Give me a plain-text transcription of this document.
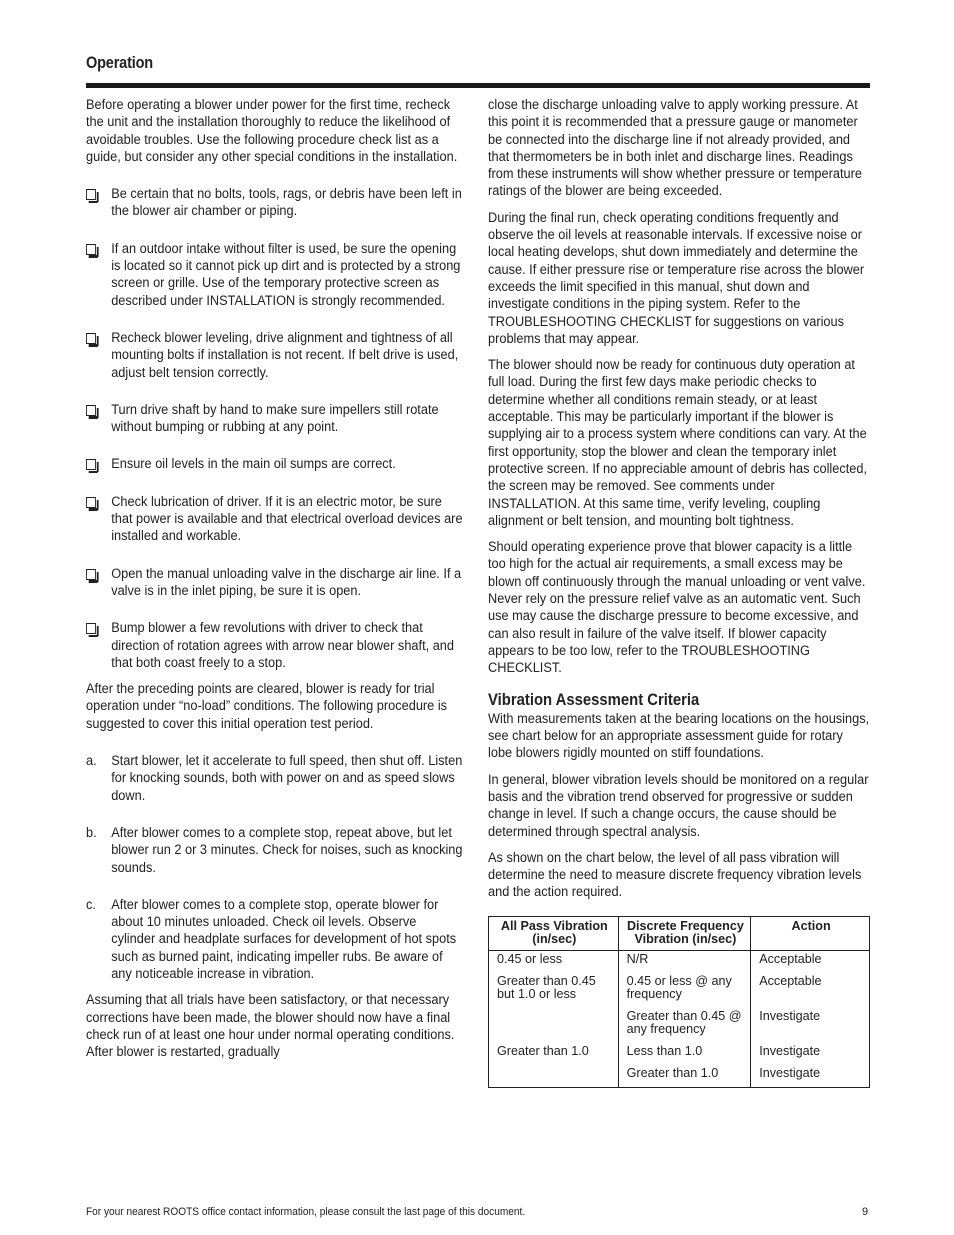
Operation

Before operating a blower under power for the first time, recheck the unit and the installation thoroughly to reduce the likelihood of avoidable troubles. Use the following procedure check list as a guide, but consider any other special conditions in the installation.

Be certain that no bolts, tools, rags, or debris have been left in the blower air chamber or piping.
If an outdoor intake without filter is used, be sure the opening is located so it cannot pick up dirt and is protected by a strong screen or grille. Use of the temporary protective screen as described under INSTALLATION is strongly recommended.
Recheck blower leveling, drive alignment and tightness of all mounting bolts if installation is not recent. If belt drive is used, adjust belt tension correctly.
Turn drive shaft by hand to make sure impellers still rotate without bumping or rubbing at any point.
Ensure oil levels in the main oil sumps are correct.
Check lubrication of driver. If it is an electric motor, be sure that power is available and that electrical overload devices are installed and workable.
Open the manual unloading valve in the discharge air line. If a valve is in the inlet piping, be sure it is open.
Bump blower a few revolutions with driver to check that direction of rotation agrees with arrow near blower shaft, and that both coast freely to a stop.

After the preceding points are cleared, blower is ready for trial operation under “no-load” conditions. The following procedure is suggested to cover this initial operation test period.

a. Start blower, let it accelerate to full speed, then shut off. Listen for knocking sounds, both with power on and as speed slows down.
b. After blower comes to a complete stop, repeat above, but let blower run 2 or 3 minutes. Check for noises, such as knocking sounds.
c. After blower comes to a complete stop, operate blower for about 10 minutes unloaded. Check oil levels. Observe cylinder and headplate surfaces for development of hot spots such as burned paint, indicating impeller rubs. Be aware of any noticeable increase in vibration.

Assuming that all trials have been satisfactory, or that necessary corrections have been made, the blower should now have a final check run of at least one hour under normal operating conditions. After blower is restarted, gradually

close the discharge unloading valve to apply working pressure. At this point it is recommended that a pressure gauge or manometer be connected into the discharge line if not already provided, and that thermometers be in both inlet and discharge lines. Readings from these instruments will show whether pressure or temperature ratings of the blower are being exceeded.

During the final run, check operating conditions frequently and observe the oil levels at reasonable intervals. If excessive noise or local heating develops, shut down immediately and determine the cause. If either pressure rise or temperature rise across the blower exceeds the limit specified in this manual, shut down and investigate conditions in the piping system. Refer to the TROUBLESHOOTING CHECKLIST for suggestions on various problems that may appear.

The blower should now be ready for continuous duty operation at full load. During the first few days make periodic checks to determine whether all conditions remain steady, or at least acceptable. This may be particularly important if the blower is supplying air to a process system where conditions can vary. At the first opportunity, stop the blower and clean the temporary inlet protective screen. If no appreciable amount of debris has collected, the screen may be removed. See comments under INSTALLATION. At this same time, verify leveling, coupling alignment or belt tension, and mounting bolt tightness.

Should operating experience prove that blower capacity is a little too high for the actual air requirements, a small excess may be blown off continuously through the manual unloading or vent valve. Never rely on the pressure relief valve as an automatic vent. Such use may cause the discharge pressure to become excessive, and can also result in failure of the valve itself. If blower capacity appears to be too low, refer to the TROUBLESHOOTING CHECKLIST.

Vibration Assessment Criteria

With measurements taken at the bearing locations on the housings, see chart below for an appropriate assessment guide for rotary lobe blowers rigidly mounted on stiff foundations.

In general, blower vibration levels should be monitored on a regular basis and the vibration trend observed for progressive or sudden change in level. If such a change occurs, the cause should be determined through spectral analysis.

As shown on the chart below, the level of all pass vibration will determine the need to measure discrete frequency vibration levels and the action required.

All Pass Vibration (in/sec)	Discrete Frequency Vibration (in/sec)	Action
0.45 or less	N/R	Acceptable
Greater than 0.45 but 1.0 or less	0.45 or less @ any frequency	Acceptable
	Greater than 0.45 @ any frequency	Investigate
Greater than 1.0	Less than 1.0	Investigate
	Greater than 1.0	Investigate
For your nearest ROOTS office contact information, please consult the last page of this document.	9
